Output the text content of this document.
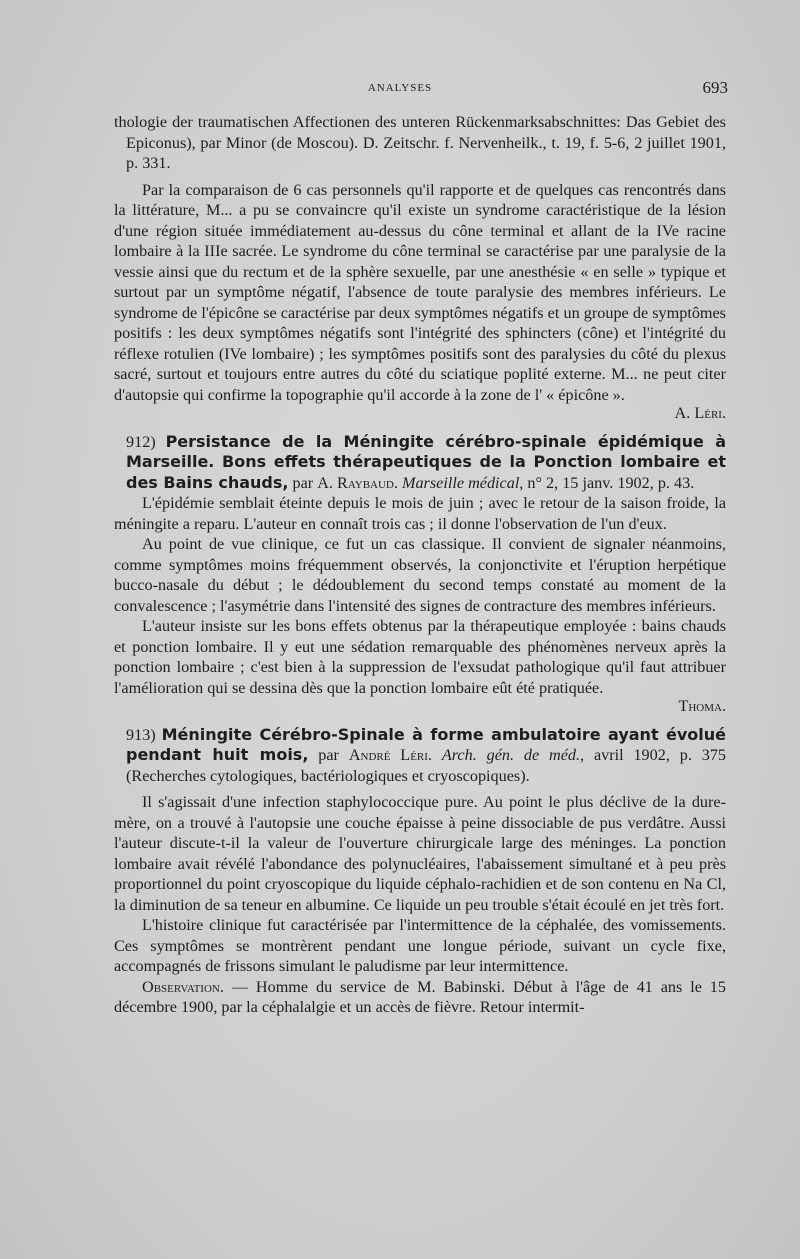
ANALYSES	693

thologie der traumatischen Affectionen des unteren Rückenmarksabschnittes: Das Gebiet des Epiconus), par Minor (de Moscou). D. Zeitschr. f. Nervenheilk., t. 19, f. 5-6, 2 juillet 1901, p. 331.

Par la comparaison de 6 cas personnels qu'il rapporte et de quelques cas rencontrés dans la littérature, M... a pu se convaincre qu'il existe un syndrome caractéristique de la lésion d'une région située immédiatement au-dessus du cône terminal et allant de la IVe racine lombaire à la IIIe sacrée. Le syndrome du cône terminal se caractérise par une paralysie de la vessie ainsi que du rectum et de la sphère sexuelle, par une anesthésie « en selle » typique et surtout par un symptôme négatif, l'absence de toute paralysie des membres inférieurs. Le syndrome de l'épicône se caractérise par deux symptômes négatifs et un groupe de symptômes positifs : les deux symptômes négatifs sont l'intégrité des sphincters (cône) et l'intégrité du réflexe rotulien (IVe lombaire) ; les symptômes positifs sont des paralysies du côté du plexus sacré, surtout et toujours entre autres du côté du sciatique poplité externe. M... ne peut citer d'autopsie qui confirme la topographie qu'il accorde à la zone de l' « épicône ».

A. Léri.

912) Persistance de la Méningite cérébro-spinale épidémique à Marseille. Bons effets thérapeutiques de la Ponction lombaire et des Bains chauds, par A. Raybaud. Marseille médical, n° 2, 15 janv. 1902, p. 43.

L'épidémie semblait éteinte depuis le mois de juin ; avec le retour de la saison froide, la méningite a reparu. L'auteur en connaît trois cas ; il donne l'observation de l'un d'eux.

Au point de vue clinique, ce fut un cas classique. Il convient de signaler néanmoins, comme symptômes moins fréquemment observés, la conjonctivite et l'éruption herpétique bucco-nasale du début ; le dédoublement du second temps constaté au moment de la convalescence ; l'asymétrie dans l'intensité des signes de contracture des membres inférieurs.

L'auteur insiste sur les bons effets obtenus par la thérapeutique employée : bains chauds et ponction lombaire. Il y eut une sédation remarquable des phénomènes nerveux après la ponction lombaire ; c'est bien à la suppression de l'exsudat pathologique qu'il faut attribuer l'amélioration qui se dessina dès que la ponction lombaire eût été pratiquée.

Thoma.

913) Méningite Cérébro-Spinale à forme ambulatoire ayant évolué pendant huit mois, par André Léri. Arch. gén. de méd., avril 1902, p. 375 (Recherches cytologiques, bactériologiques et cryoscopiques).

Il s'agissait d'une infection staphylococcique pure. Au point le plus déclive de la dure-mère, on a trouvé à l'autopsie une couche épaisse à peine dissociable de pus verdâtre. Aussi l'auteur discute-t-il la valeur de l'ouverture chirurgicale large des méninges. La ponction lombaire avait révélé l'abondance des polynucléaires, l'abaissement simultané et à peu près proportionnel du point cryoscopique du liquide céphalo-rachidien et de son contenu en Na Cl, la diminution de sa teneur en albumine. Ce liquide un peu trouble s'était écoulé en jet très fort.

L'histoire clinique fut caractérisée par l'intermittence de la céphalée, des vomissements. Ces symptômes se montrèrent pendant une longue période, suivant un cycle fixe, accompagnés de frissons simulant le paludisme par leur intermittence.

Observation. — Homme du service de M. Babinski. Début à l'âge de 41 ans le 15 décembre 1900, par la céphalalgie et un accès de fièvre. Retour intermit-
